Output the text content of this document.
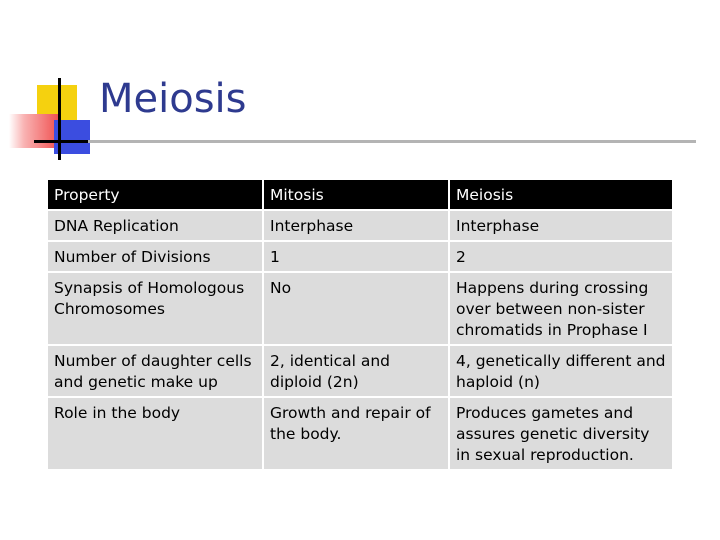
Meiosis
Property	Mitosis	Meiosis
DNA Replication	Interphase	Interphase
Number of Divisions	1	2
Synapsis of Homologous Chromosomes	No	Happens during crossing over between non-sister chromatids in Prophase I
Number of daughter cells and genetic make up	2, identical and diploid (2n)	4, genetically different and haploid (n)
Role in the body	Growth and repair of the body.	Produces gametes and assures genetic diversity in sexual reproduction.
